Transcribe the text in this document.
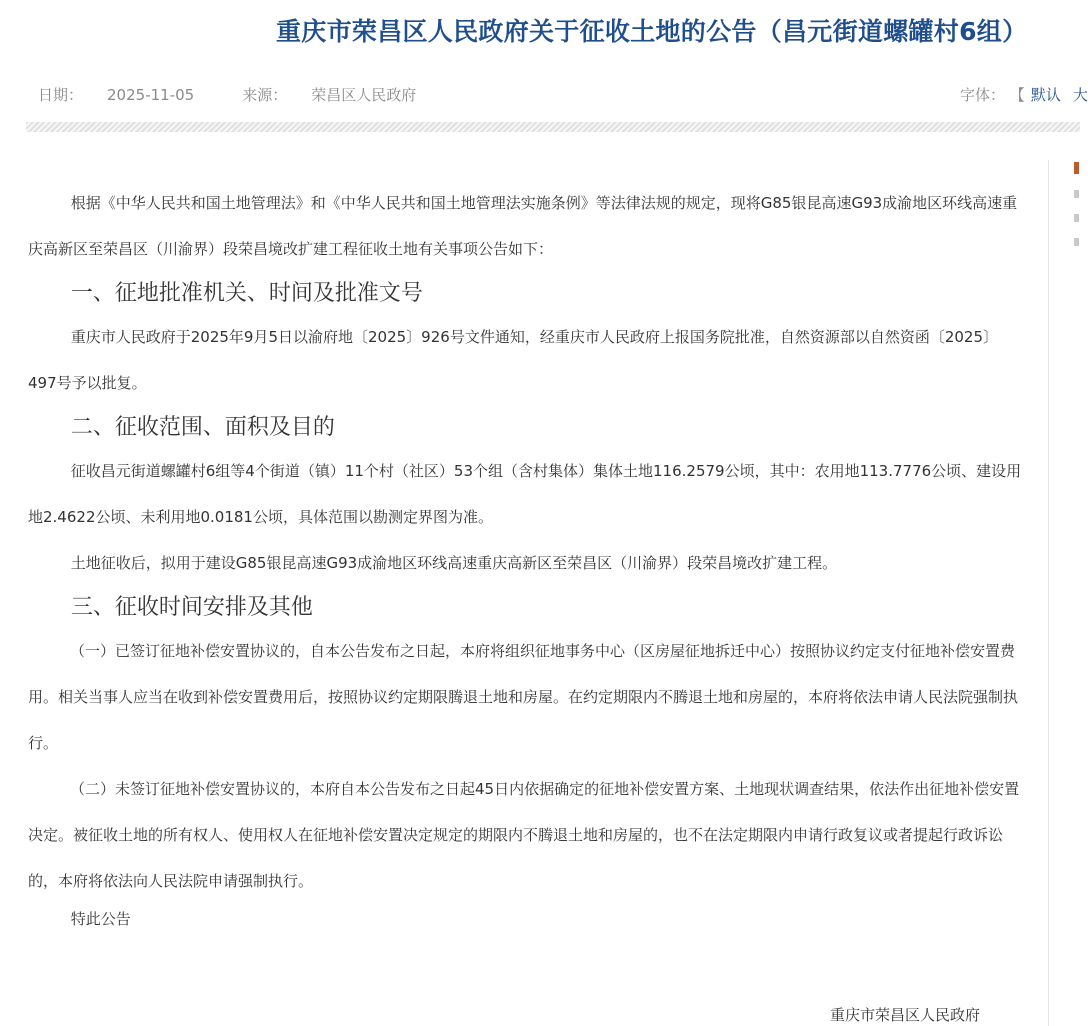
重庆市荣昌区人民政府关于征收土地的公告（昌元街道螺罐村6组）
日期： 2025-11-05	来源： 荣昌区人民政府	字体： 【 默认 大

根据《中华人民共和国土地管理法》和《中华人民共和国土地管理法实施条例》等法律法规的规定，现将G85银昆高速G93成渝地区环线高速重庆高新区至荣昌区（川渝界）段荣昌境改扩建工程征收土地有关事项公告如下：

一、征地批准机关、时间及批准文号

重庆市人民政府于2025年9月5日以渝府地〔2025〕926号文件通知，经重庆市人民政府上报国务院批准，自然资源部以自然资函〔2025〕497号予以批复。

二、征收范围、面积及目的

征收昌元街道螺罐村6组等4个街道（镇）11个村（社区）53个组（含村集体）集体土地116.2579公顷，其中：农用地113.7776公顷、建设用地2.4622公顷、未利用地0.0181公顷，具体范围以勘测定界图为准。

土地征收后，拟用于建设G85银昆高速G93成渝地区环线高速重庆高新区至荣昌区（川渝界）段荣昌境改扩建工程。

三、征收时间安排及其他

（一）已签订征地补偿安置协议的，自本公告发布之日起，本府将组织征地事务中心（区房屋征地拆迁中心）按照协议约定支付征地补偿安置费用。相关当事人应当在收到补偿安置费用后，按照协议约定期限腾退土地和房屋。在约定期限内不腾退土地和房屋的，本府将依法申请人民法院强制执行。

（二）未签订征地补偿安置协议的，本府自本公告发布之日起45日内依据确定的征地补偿安置方案、土地现状调查结果，依法作出征地补偿安置决定。被征收土地的所有权人、使用权人在征地补偿安置决定规定的期限内不腾退土地和房屋的，也不在法定期限内申请行政复议或者提起行政诉讼的，本府将依法向人民法院申请强制执行。

特此公告

重庆市荣昌区人民政府
